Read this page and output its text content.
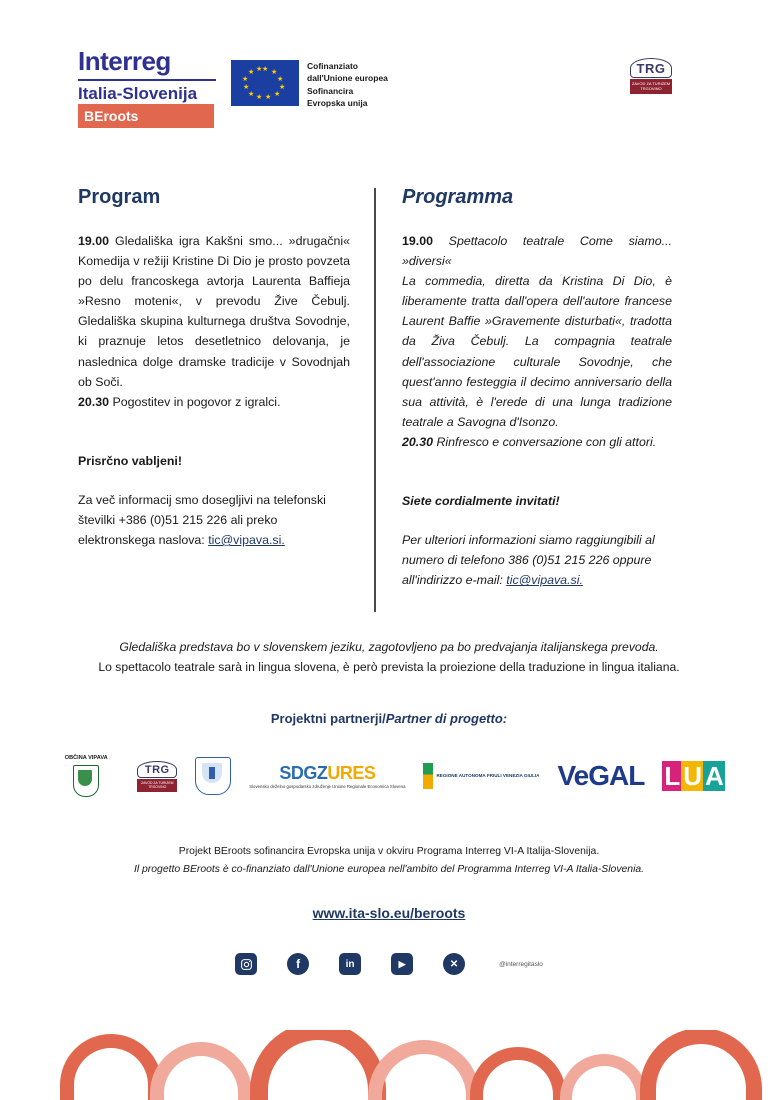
Interreg
Italia-Slovenija
BEroots
★ ★
★
★
★
★
★
★
★
★
★ ★	Cofinanziato
dall'Unione europea
Sofinancira
Evropska unija
TRG
ZAVOD ZA TURIZEM TRGOVINO
Program

19.00 Gledališka igra Kakšni smo... »drugačni« Komedija v režiji Kristine Di Dio je prosto povzeta po delu francoskega avtorja Laurenta Baffieja »Resno moteni«, v prevodu Žive Čebulj. Gledališka skupina kulturnega društva Sovodnje, ki praznuje letos desetletnico delovanja, je naslednica dolge dramske tradicije v Sovodnjah ob Soči.

20.30 Pogostitev in pogovor z igralci.

Prisrčno vabljeni!

Za več informacij smo dosegljivi na telefonski številki +386 (0)51 215 226 ali preko elektronskega naslova: tic@vipava.si.

Programma

19.00 Spettacolo teatrale Come siamo... »diversi«

La commedia, diretta da Kristina Di Dio, è liberamente tratta dall'opera dell'autore francese Laurent Baffie »Gravemente disturbati«, tradotta da Živa Čebulj. La compagnia teatrale dell'associazione culturale Sovodnje, che quest'anno festeggia il decimo anniversario della sua attività, è l'erede di una lunga tradizione teatrale a Savogna d'Isonzo.

20.30 Rinfresco e conversazione con gli attori.

Siete cordialmente invitati!

Per ulteriori informazioni siamo raggiungibili al numero di telefono 386 (0)51 215 226 oppure all'indirizzo e-mail: tic@vipava.si.

Gledališka predstava bo v slovenskem jeziku, zagotovljeno pa bo predvajanja italijanskega prevoda.
Lo spettacolo teatrale sarà in lingua slovena, è però prevista la proiezione della traduzione in lingua italiana.
Projektni partnerji/Partner di progetto:
OBČINA VIPAVA
TRG
ZAVOD ZA TURIZEM TRGOVINO
SDGZURES
Slovensko deželno gospodarsko združenje Unione Regionale Economica Slovena
REGIONE AUTONOMA FRIULI VENEZIA GIULIA VeGAL L U A
Projekt BEroots sofinancira Evropska unija v okviru Programa Interreg VI-A Italija-Slovenija.
Il progetto BEroots è co-finanziato dall'Unione europea nell'ambito del Programma Interreg VI-A Italia-Slovenia.
www.ita-slo.eu/beroots
f	in	▶	✕	@interregitaslo
